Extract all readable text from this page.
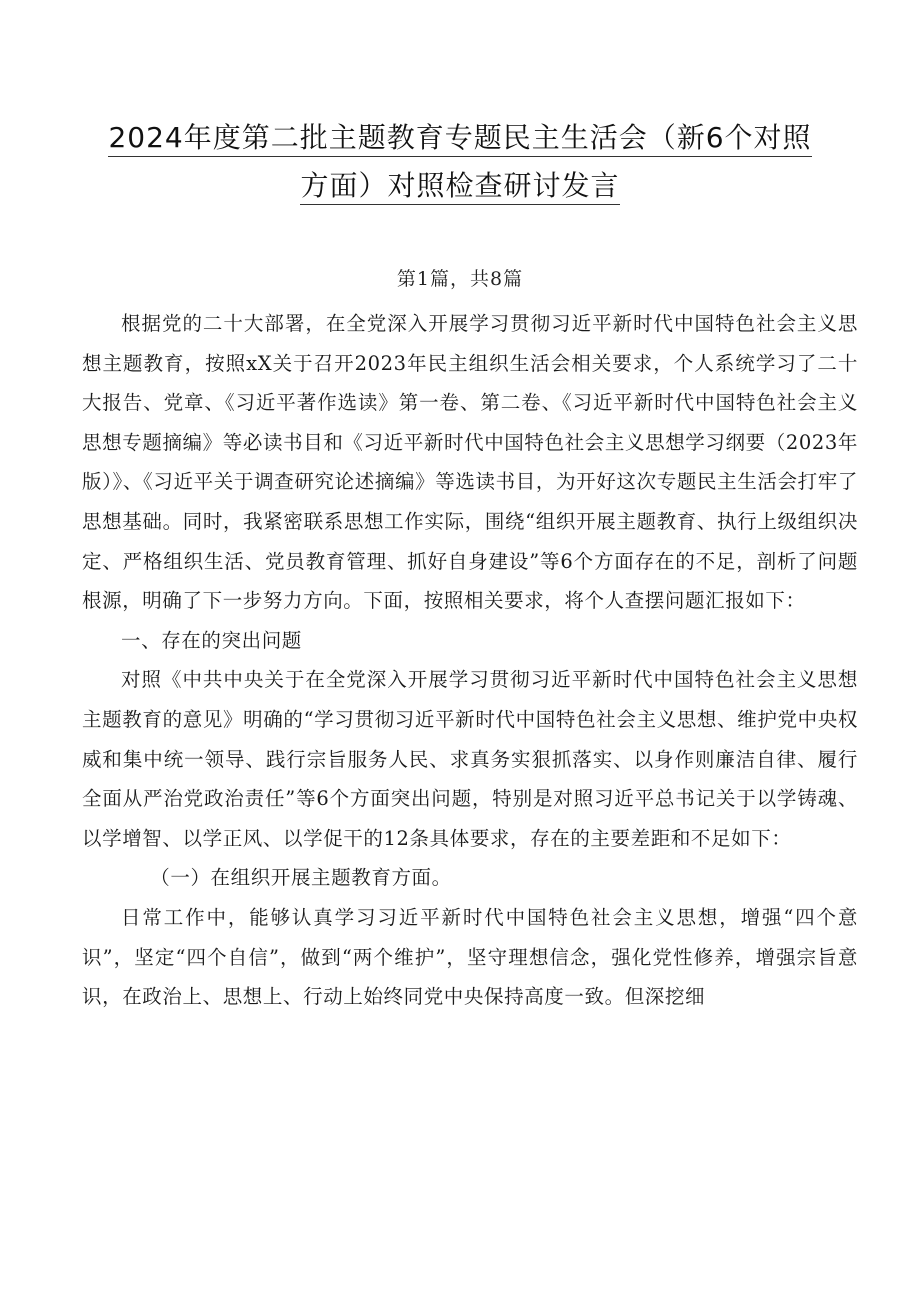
2024年度第二批主题教育专题民主生活会（新6个对照
方面）对照检查研讨发言
第1篇，共8篇

根据党的二十大部署，在全党深入开展学习贯彻习近平新时代中国特色社会主义思想主题教育，按照xX关于召开2023年民主组织生活会相关要求，个人系统学习了二十大报告、党章、《习近平著作选读》第一卷、第二卷、《习近平新时代中国特色社会主义思想专题摘编》等必读书目和《习近平新时代中国特色社会主义思想学习纲要（2023年版）》、《习近平关于调查研究论述摘编》等选读书目，为开好这次专题民主生活会打牢了思想基础。同时，我紧密联系思想工作实际，围绕“组织开展主题教育、执行上级组织决定、严格组织生活、党员教育管理、抓好自身建设”等6个方面存在的不足，剖析了问题根源，明确了下一步努力方向。下面，按照相关要求，将个人查摆问题汇报如下：

一、存在的突出问题

对照《中共中央关于在全党深入开展学习贯彻习近平新时代中国特色社会主义思想主题教育的意见》明确的“学习贯彻习近平新时代中国特色社会主义思想、维护党中央权威和集中统一领导、践行宗旨服务人民、求真务实狠抓落实、以身作则廉洁自律、履行全面从严治党政治责任”等6个方面突出问题，特别是对照习近平总书记关于以学铸魂、以学增智、以学正风、以学促干的12条具体要求，存在的主要差距和不足如下：

（一）在组织开展主题教育方面。

日常工作中，能够认真学习习近平新时代中国特色社会主义思想，增强“四个意识”，坚定“四个自信”，做到“两个维护”，坚守理想信念，强化党性修养，增强宗旨意识，在政治上、思想上、行动上始终同党中央保持高度一致。但深挖细
